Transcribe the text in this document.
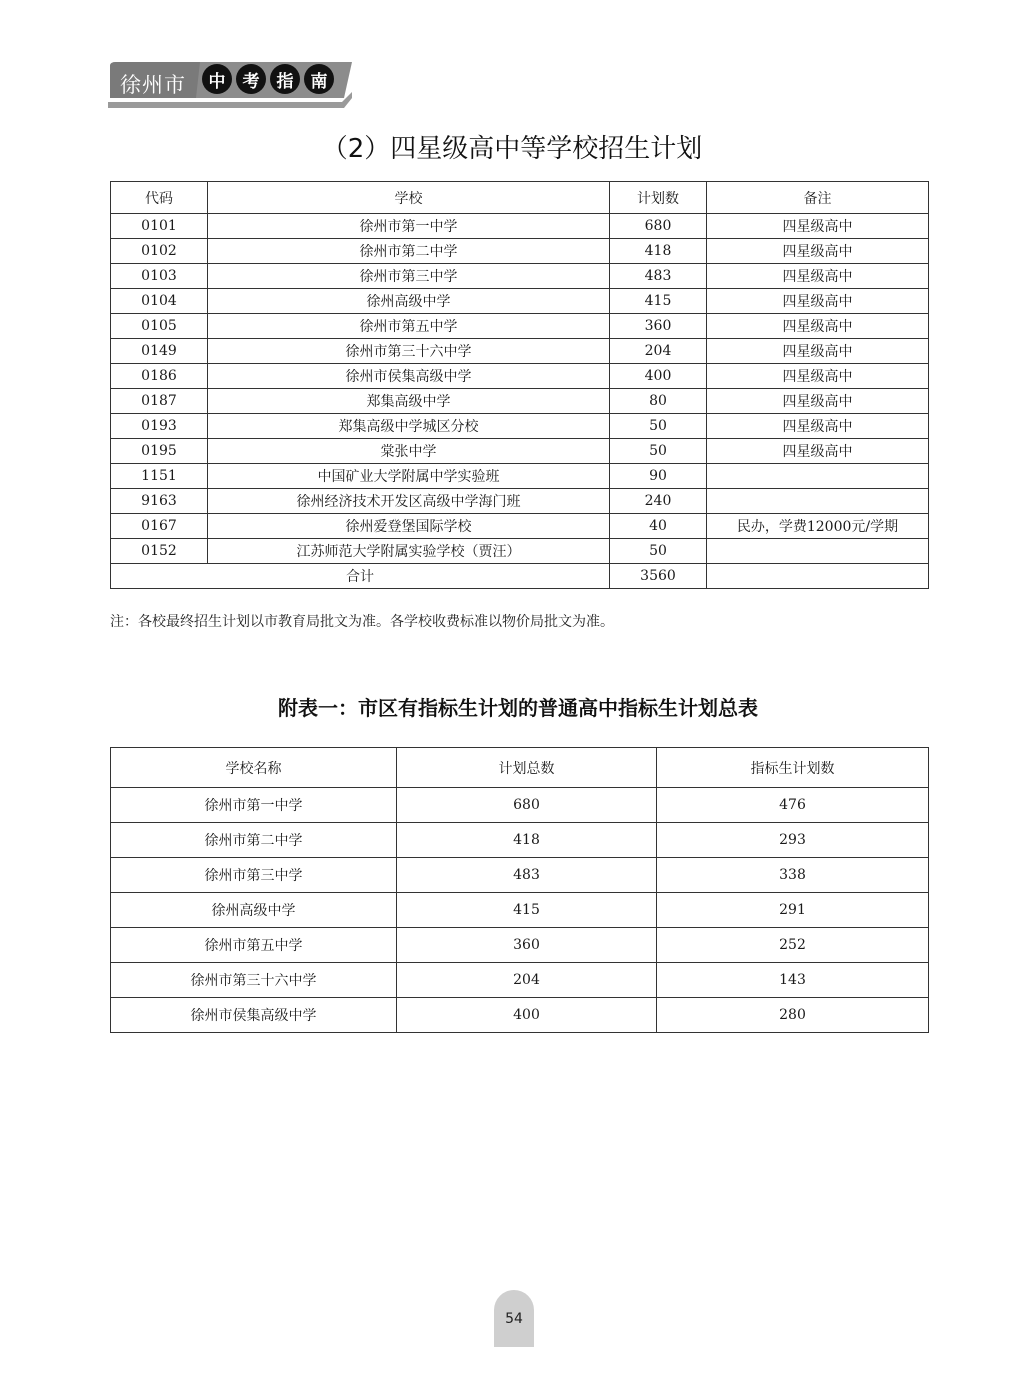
徐州市	中	考	指	南
（2）四星级高中等学校招生计划
代码	学校	计划数	备注
0101	徐州市第一中学	680	四星级高中
0102	徐州市第二中学	418	四星级高中
0103	徐州市第三中学	483	四星级高中
0104	徐州高级中学	415	四星级高中
0105	徐州市第五中学	360	四星级高中
0149	徐州市第三十六中学	204	四星级高中
0186	徐州市侯集高级中学	400	四星级高中
0187	郑集高级中学	80	四星级高中
0193	郑集高级中学城区分校	50	四星级高中
0195	棠张中学	50	四星级高中
1151	中国矿业大学附属中学实验班	90	
9163	徐州经济技术开发区高级中学海门班	240	
0167	徐州爱登堡国际学校	40	民办，学费12000元/学期
0152	江苏师范大学附属实验学校（贾汪）	50	
合计		3560	
注：各校最终招生计划以市教育局批文为准。各学校收费标准以物价局批文为准。
附表一：市区有指标生计划的普通高中指标生计划总表
学校名称	计划总数	指标生计划数
徐州市第一中学	680	476
徐州市第二中学	418	293
徐州市第三中学	483	338
徐州高级中学	415	291
徐州市第五中学	360	252
徐州市第三十六中学	204	143
徐州市侯集高级中学	400	280
54
